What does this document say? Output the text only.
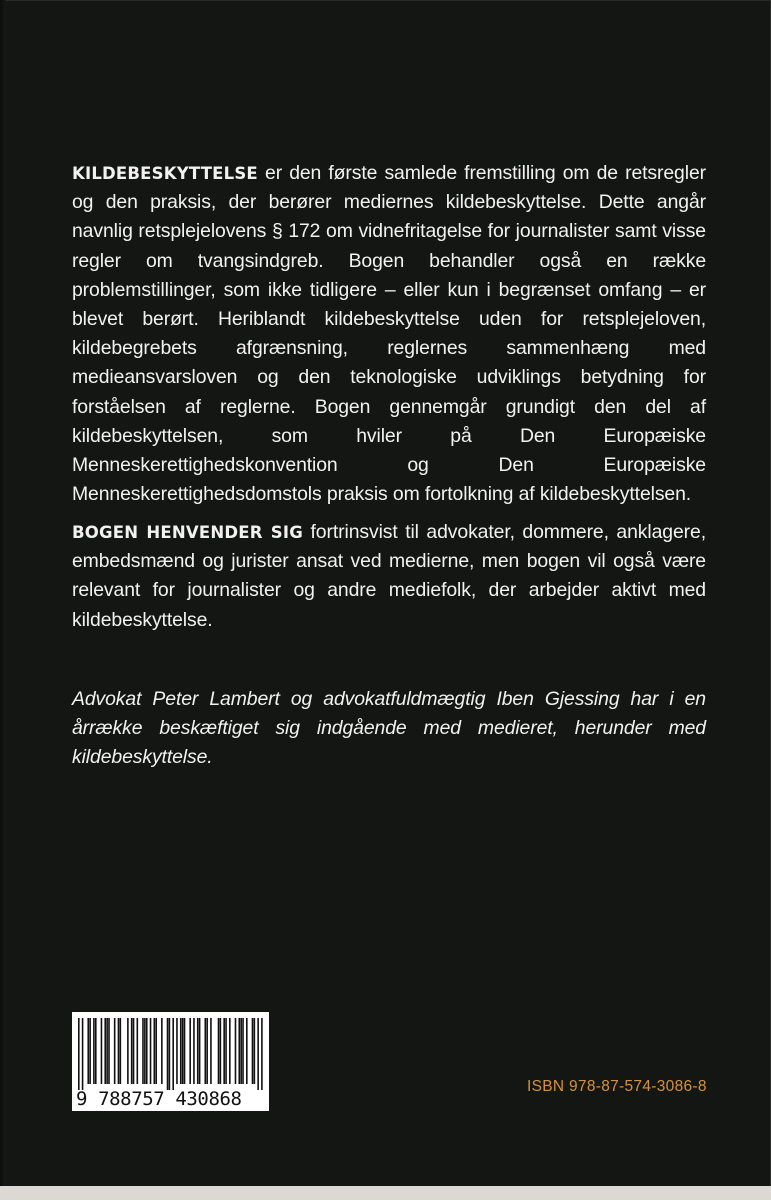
KILDEBESKYTTELSE er den første samlede fremstilling om de retsregler og den praksis, der berører mediernes kildebeskyttelse. Dette angår navnlig retsplejelovens § 172 om vidnefritagelse for journalister samt visse regler om tvangsindgreb. Bogen behandler også en række problemstillinger, som ikke tidligere – eller kun i begrænset omfang – er blevet berørt. Heriblandt kildebeskyttelse uden for retsplejeloven, kildebegrebets afgrænsning, reglernes sammenhæng med medieansvarsloven og den teknologiske udviklings betydning for forståelsen af reglerne. Bogen gennemgår grundigt den del af kildebeskyttelsen, som hviler på Den Europæiske Menneskerettighedskonvention og Den Europæiske Menneskerettighedsdomstols praksis om fortolkning af kildebeskyttelsen.
BOGEN HENVENDER SIG fortrinsvist til advokater, dommere, anklagere, embedsmænd og jurister ansat ved medierne, men bogen vil også være relevant for journalister og andre mediefolk, der arbejder aktivt med kildebeskyttelse.
Advokat Peter Lambert og advokatfuldmægtig Iben Gjessing har i en årrække beskæftiget sig indgående med medieret, herunder med kildebeskyttelse.
9 788757 430868
ISBN 978-87-574-3086-8
